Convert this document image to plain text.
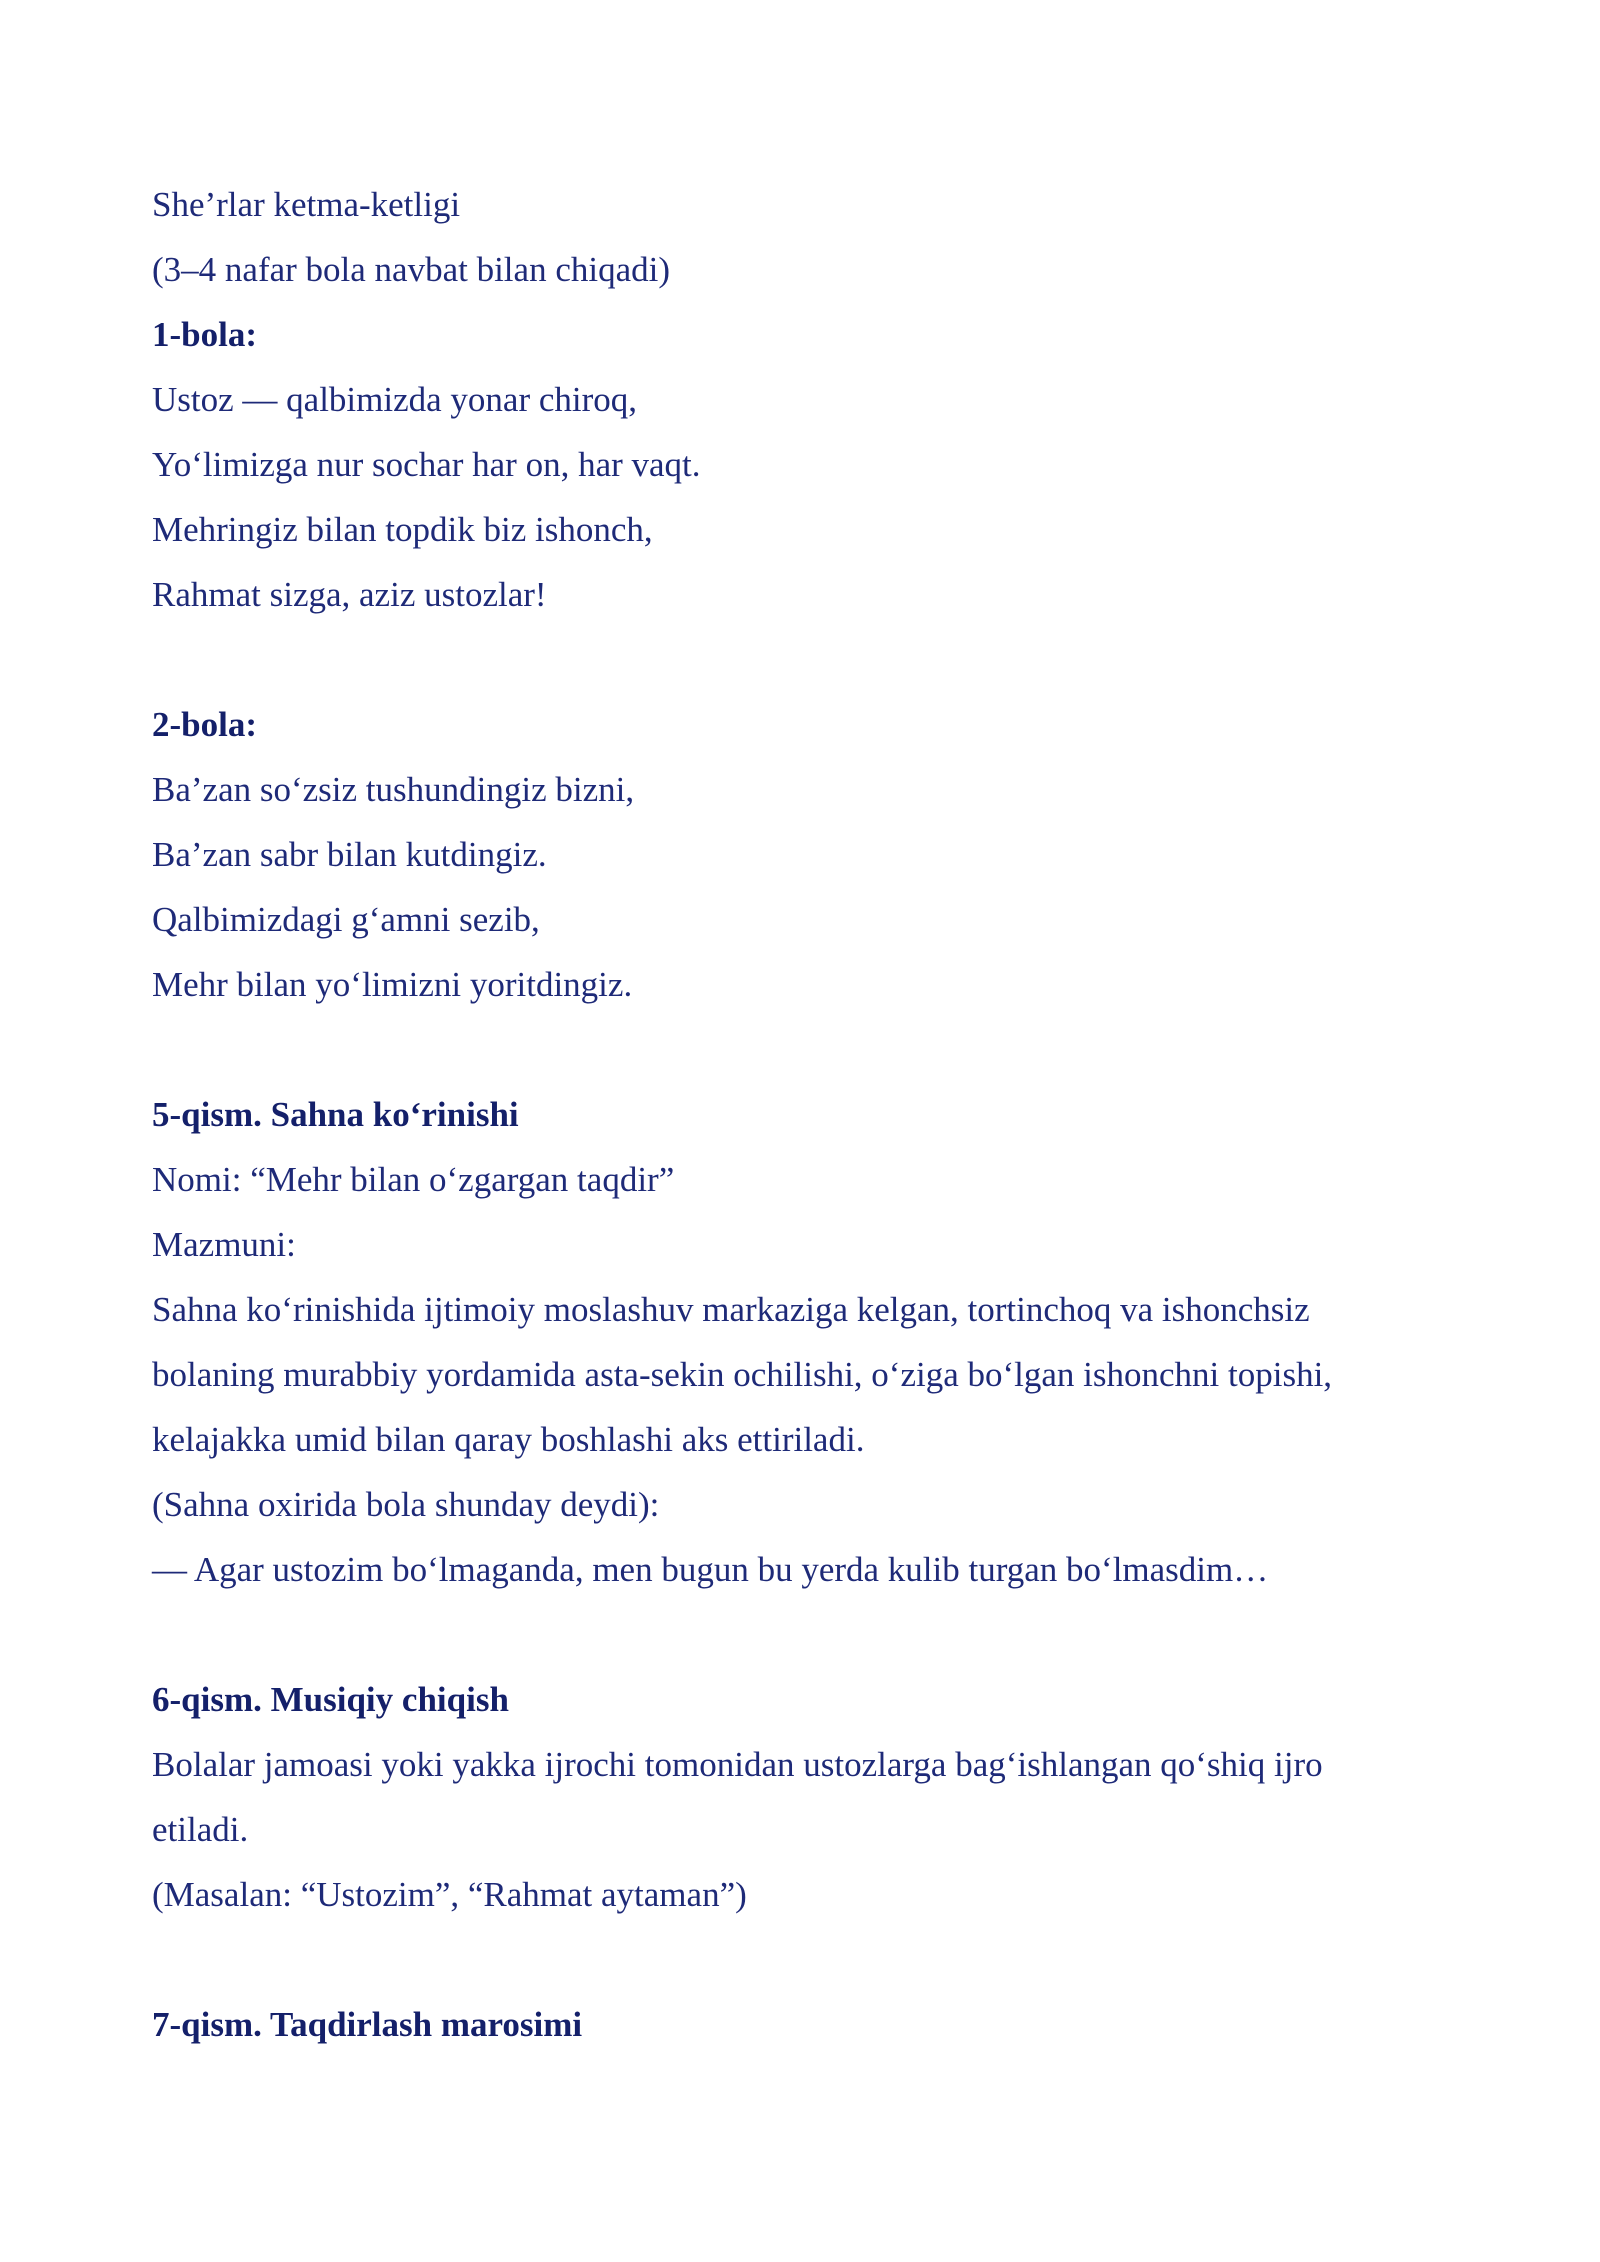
She’rlar ketma-ketligi
(3–4 nafar bola navbat bilan chiqadi)
1-bola:
Ustoz — qalbimizda yonar chiroq,
Yo‘limizga nur sochar har on, har vaqt.
Mehringiz bilan topdik biz ishonch,
Rahmat sizga, aziz ustozlar!
2-bola:
Ba’zan so‘zsiz tushundingiz bizni,
Ba’zan sabr bilan kutdingiz.
Qalbimizdagi g‘amni sezib,
Mehr bilan yo‘limizni yoritdingiz.
5-qism. Sahna ko‘rinishi
Nomi: “Mehr bilan o‘zgargan taqdir”
Mazmuni:
Sahna ko‘rinishida ijtimoiy moslashuv markaziga kelgan, tortinchoq va ishonchsiz
bolaning murabbiy yordamida asta-sekin ochilishi, o‘ziga bo‘lgan ishonchni topishi,
kelajakka umid bilan qaray boshlashi aks ettiriladi.
(Sahna oxirida bola shunday deydi):
— Agar ustozim bo‘lmaganda, men bugun bu yerda kulib turgan bo‘lmasdim…
6-qism. Musiqiy chiqish
Bolalar jamoasi yoki yakka ijrochi tomonidan ustozlarga bag‘ishlangan qo‘shiq ijro
etiladi.
(Masalan: “Ustozim”, “Rahmat aytaman”)
7-qism. Taqdirlash marosimi
